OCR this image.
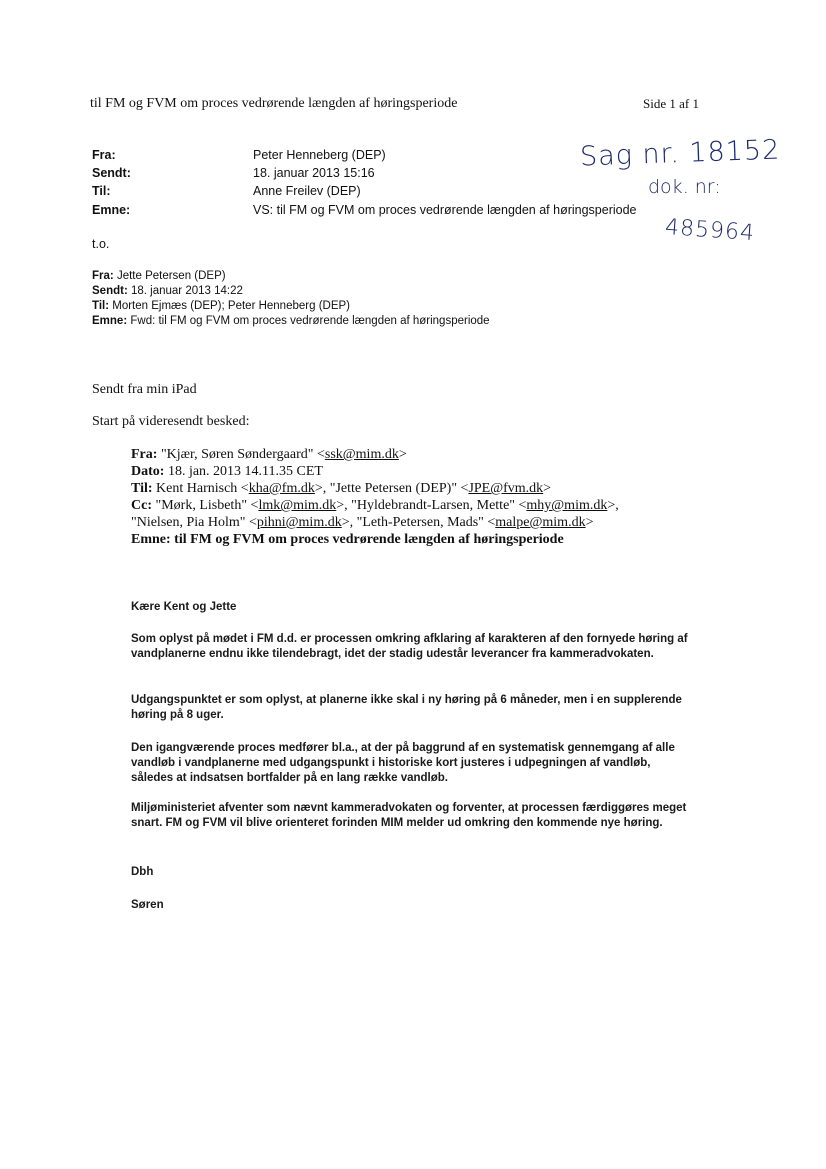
til FM og FVM om proces vedrørende længden af høringsperiode	Side 1 af 1
Fra:	Peter Henneberg (DEP)
Sendt:	18. januar 2013 15:16
Til:	Anne Freilev (DEP)
Emne:	VS: til FM og FVM om proces vedrørende længden af høringsperiode
Sag nr. 18152
dok. nr:
485964
t.o.
Fra: Jette Petersen (DEP)
Sendt: 18. januar 2013 14:22
Til: Morten Ejmæs (DEP); Peter Henneberg (DEP)
Emne: Fwd: til FM og FVM om proces vedrørende længden af høringsperiode
Sendt fra min iPad
Start på videresendt besked:
Fra: "Kjær, Søren Søndergaard" <ssk@mim.dk>
Dato: 18. jan. 2013 14.11.35 CET
Til: Kent Harnisch <kha@fm.dk>, "Jette Petersen (DEP)" <JPE@fvm.dk>
Cc: "Mørk, Lisbeth" <lmk@mim.dk>, "Hyldebrandt-Larsen, Mette" <mhy@mim.dk>,
"Nielsen, Pia Holm" <pihni@mim.dk>, "Leth-Petersen, Mads" <malpe@mim.dk>
Emne: til FM og FVM om proces vedrørende længden af høringsperiode
Kære Kent og Jette
Som oplyst på mødet i FM d.d. er processen omkring afklaring af karakteren af den fornyede høring af vandplanerne endnu ikke tilendebragt, idet der stadig udestår leverancer fra kammeradvokaten.
Udgangspunktet er som oplyst, at planerne ikke skal i ny høring på 6 måneder, men i en supplerende høring på 8 uger.
Den igangværende proces medfører bl.a., at der på baggrund af en systematisk gennemgang af alle vandløb i vandplanerne med udgangspunkt i historiske kort justeres i udpegningen af vandløb, således at indsatsen bortfalder på en lang række vandløb.
Miljøministeriet afventer som nævnt kammeradvokaten og forventer, at processen færdiggøres meget snart. FM og FVM vil blive orienteret forinden MIM melder ud omkring den kommende nye høring.
Dbh
Søren
